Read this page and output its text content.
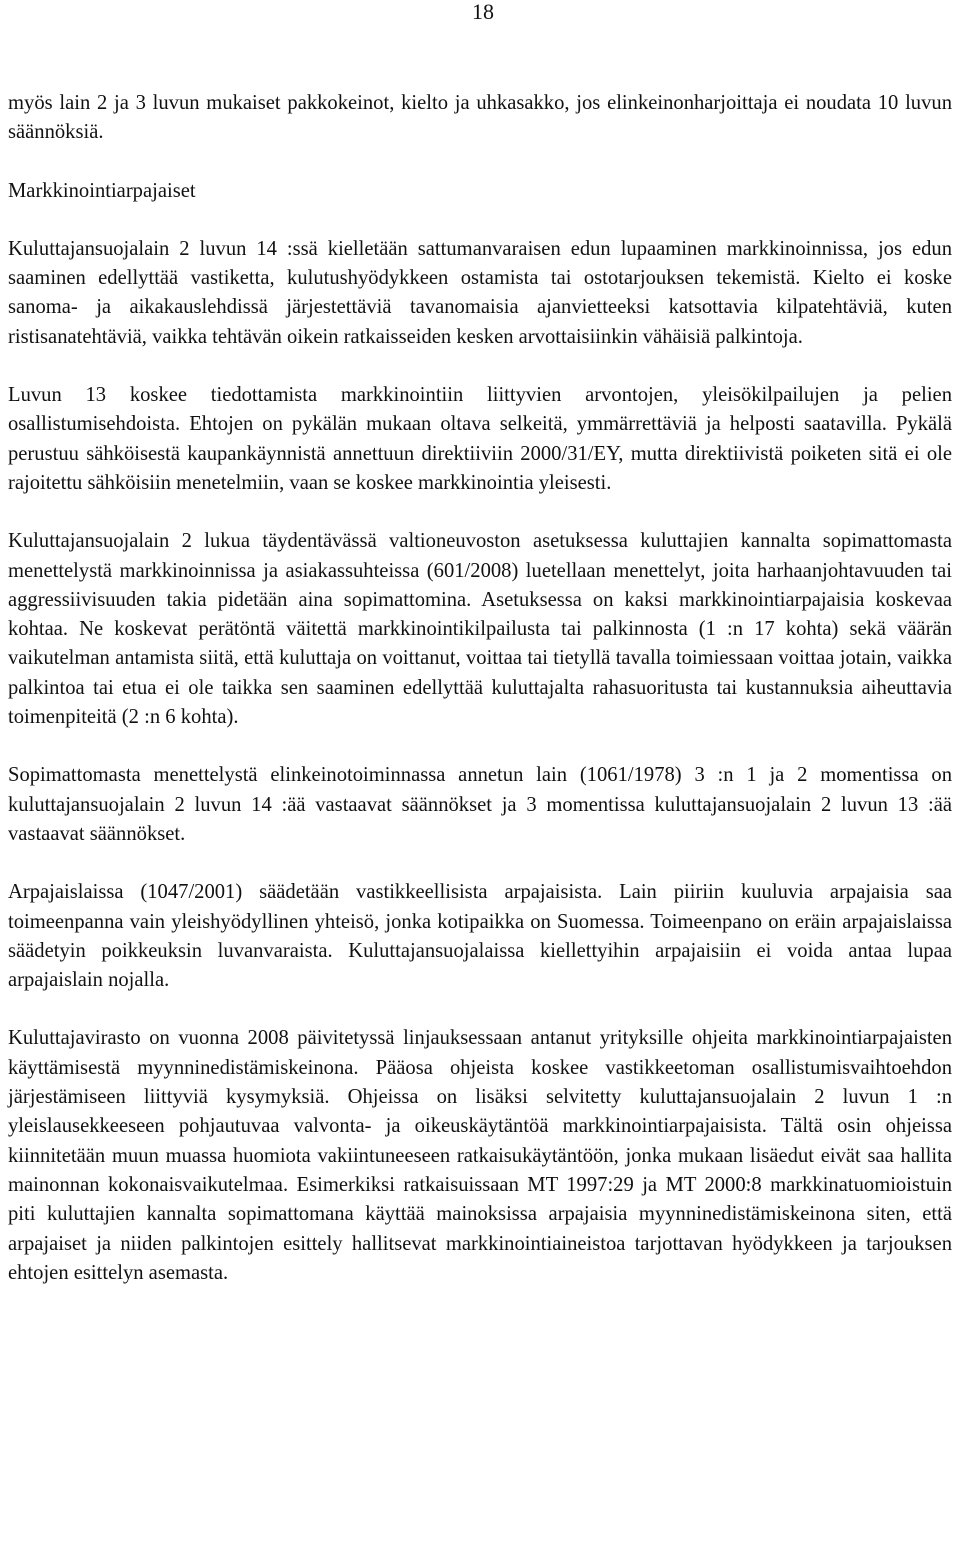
18

myös lain 2 ja 3 luvun mukaiset pakkokeinot, kielto ja uhkasakko, jos elinkeinonharjoittaja ei noudata 10 luvun säännöksiä.

Markkinointiarpajaiset

Kuluttajansuojalain 2 luvun 14 :ssä kielletään sattumanvaraisen edun lupaaminen markkinoinnissa, jos edun saaminen edellyttää vastiketta, kulutushyödykkeen ostamista tai ostotarjouksen tekemistä. Kielto ei koske sanoma- ja aikakauslehdissä järjestettäviä tavanomaisia ajanvietteeksi katsottavia kilpatehtäviä, kuten ristisanatehtäviä, vaikka tehtävän oikein ratkaisseiden kesken arvottaisiinkin vähäisiä palkintoja.

Luvun 13 koskee tiedottamista markkinointiin liittyvien arvontojen, yleisökilpailujen ja pelien osallistumisehdoista. Ehtojen on pykälän mukaan oltava selkeitä, ymmärrettäviä ja helposti saatavilla. Pykälä perustuu sähköisestä kaupankäynnistä annettuun direktiiviin 2000/31/EY, mutta direktiivistä poiketen sitä ei ole rajoitettu sähköisiin menetelmiin, vaan se koskee markkinointia yleisesti.

Kuluttajansuojalain 2 lukua täydentävässä valtioneuvoston asetuksessa kuluttajien kannalta sopimattomasta menettelystä markkinoinnissa ja asiakassuhteissa (601/2008) luetellaan menettelyt, joita harhaanjohtavuuden tai aggressiivisuuden takia pidetään aina sopimattomina. Asetuksessa on kaksi markkinointiarpajaisia koskevaa kohtaa. Ne koskevat perätöntä väitettä markkinointikilpailusta tai palkinnosta (1 :n 17 kohta) sekä väärän vaikutelman antamista siitä, että kuluttaja on voittanut, voittaa tai tietyllä tavalla toimiessaan voittaa jotain, vaikka palkintoa tai etua ei ole taikka sen saaminen edellyttää kuluttajalta rahasuoritusta tai kustannuksia aiheuttavia toimenpiteitä (2 :n 6 kohta).

Sopimattomasta menettelystä elinkeinotoiminnassa annetun lain (1061/1978) 3 :n 1 ja 2 momentissa on kuluttajansuojalain 2 luvun 14 :ää vastaavat säännökset ja 3 momentissa kuluttajansuojalain 2 luvun 13 :ää vastaavat säännökset.

Arpajaislaissa (1047/2001) säädetään vastikkeellisista arpajaisista. Lain piiriin kuuluvia arpajaisia saa toimeenpanna vain yleishyödyllinen yhteisö, jonka kotipaikka on Suomessa. Toimeenpano on eräin arpajaislaissa säädetyin poikkeuksin luvanvaraista. Kuluttajansuojalaissa kiellettyihin arpajaisiin ei voida antaa lupaa arpajaislain nojalla.

Kuluttajavirasto on vuonna 2008 päivitetyssä linjauksessaan antanut yrityksille ohjeita markkinointiarpajaisten käyttämisestä myynninedistämiskeinona. Pääosa ohjeista koskee vastikkeetoman osallistumisvaihtoehdon järjestämiseen liittyviä kysymyksiä. Ohjeissa on lisäksi selvitetty kuluttajansuojalain 2 luvun 1 :n yleislausekkeeseen pohjautuvaa valvonta- ja oikeuskäytäntöä markkinointiarpajaisista. Tältä osin ohjeissa kiinnitetään muun muassa huomiota vakiintuneeseen ratkaisukäytäntöön, jonka mukaan lisäedut eivät saa hallita mainonnan kokonaisvaikutelmaa. Esimerkiksi ratkaisuissaan MT 1997:29 ja MT 2000:8 markkinatuomioistuin piti kuluttajien kannalta sopimattomana käyttää mainoksissa arpajaisia myynninedistämiskeinona siten, että arpajaiset ja niiden palkintojen esittely hallitsevat markkinointiaineistoa tarjottavan hyödykkeen ja tarjouksen ehtojen esittelyn asemasta.
